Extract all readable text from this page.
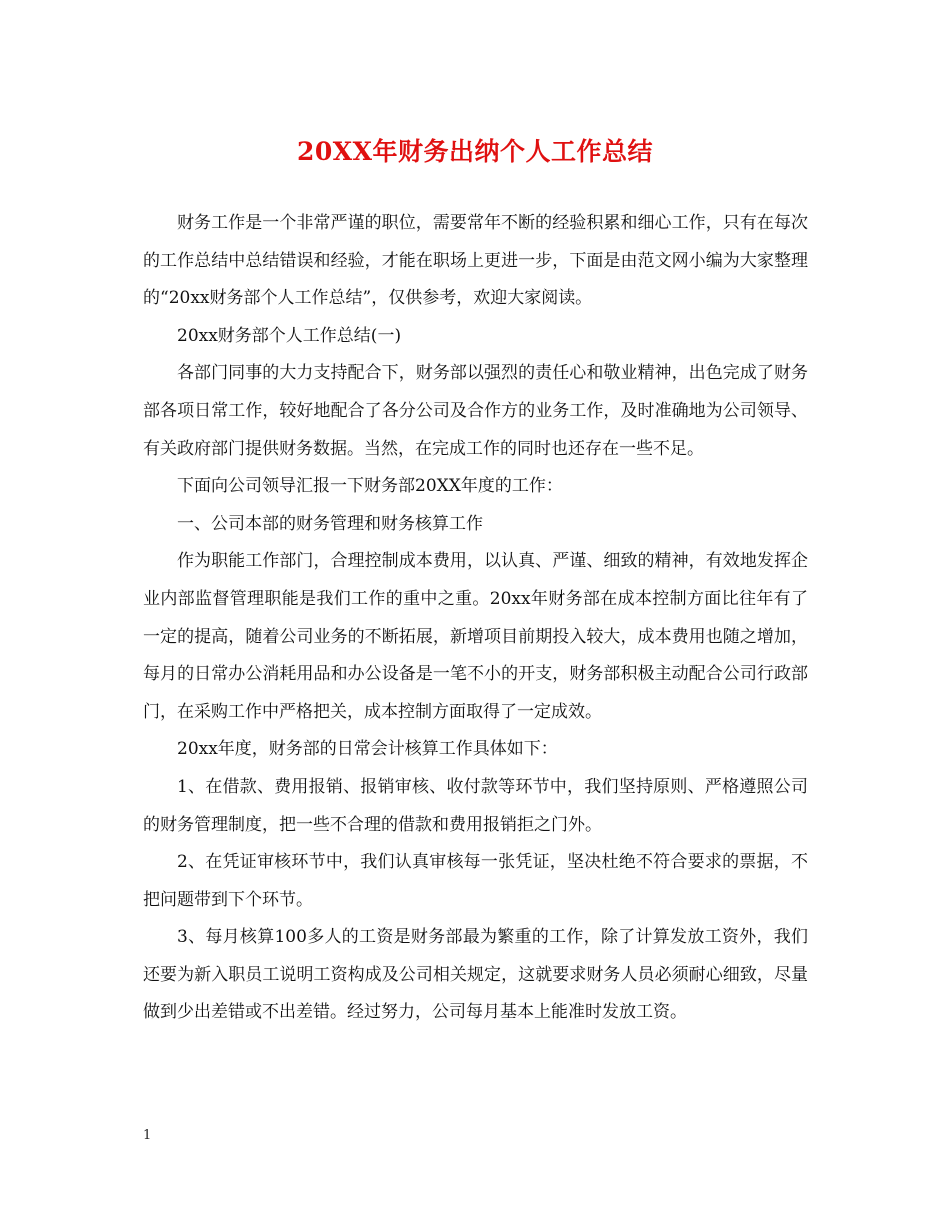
20XX年财务出纳个人工作总结

财务工作是一个非常严谨的职位，需要常年不断的经验积累和细心工作，只有在每次的工作总结中总结错误和经验，才能在职场上更进一步，下面是由范文网小编为大家整理的“20xx财务部个人工作总结”，仅供参考，欢迎大家阅读。

20xx财务部个人工作总结(一)

各部门同事的大力支持配合下，财务部以强烈的责任心和敬业精神，出色完成了财务部各项日常工作，较好地配合了各分公司及合作方的业务工作，及时准确地为公司领导、有关政府部门提供财务数据。当然，在完成工作的同时也还存在一些不足。

下面向公司领导汇报一下财务部20XX年度的工作：

一、公司本部的财务管理和财务核算工作

作为职能工作部门，合理控制成本费用，以认真、严谨、细致的精神，有效地发挥企业内部监督管理职能是我们工作的重中之重。20xx年财务部在成本控制方面比往年有了一定的提高，随着公司业务的不断拓展，新增项目前期投入较大，成本费用也随之增加，每月的日常办公消耗用品和办公设备是一笔不小的开支，财务部积极主动配合公司行政部门，在采购工作中严格把关，成本控制方面取得了一定成效。

20xx年度，财务部的日常会计核算工作具体如下：

1、在借款、费用报销、报销审核、收付款等环节中，我们坚持原则、严格遵照公司的财务管理制度，把一些不合理的借款和费用报销拒之门外。

2、在凭证审核环节中，我们认真审核每一张凭证，坚决杜绝不符合要求的票据，不把问题带到下个环节。

3、每月核算100多人的工资是财务部最为繁重的工作，除了计算发放工资外，我们还要为新入职员工说明工资构成及公司相关规定，这就要求财务人员必须耐心细致，尽量做到少出差错或不出差错。经过努力，公司每月基本上能准时发放工资。

1
